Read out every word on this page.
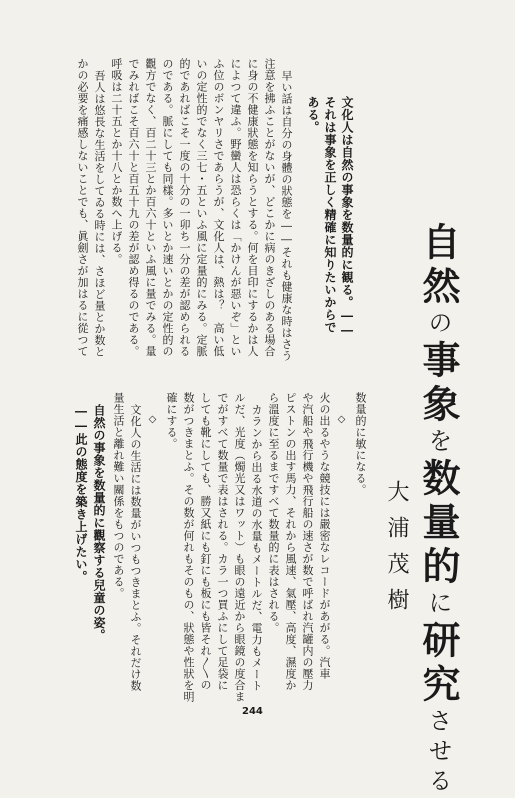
自然の事象を数量的に研究させる
大浦茂樹
文化人は自然の事象を数量的に観る。――
それは事象を正しく精確に知りたいからで
ある。
早い話は自分の身體の狀態を――それも健康な時はさう
注意を拂ふことがないが、どこかに病のきざしのある場合
に身の不健康狀態を知らうとする。何を目印にするかは人
によつて違ふ。野蠻人は恐らくは「かけんが惡いぞ」とい
ふ位のボンヤリさであらうが、文化人は、熱は？　高い低
いの定性的でなく三七・五といふ風に定量的にみる。定脈
的であればこそ一度の十分の一卯ち一分の差が認められる
のである。脈にしても同樣。多いとか速いとかの定性的の
觀方でなく、百二十三とか百六十といふ風に量でみる。量
でみればこそ百六十と百五十九の差が認め得るのである。
呼吸は二十五とか十八とか数へ上げる。
吾人は悠長な生活をしてゐる時には、さほど量とか数と
かの必要を痛感しないことでも、眞劍さが加はるに從つて
数量的に敏になる。
◇
火の出るやうな競技には嚴密なレコードがあがる。汽車
や汽船や飛行機や飛行船の速さが数で呼ばれ汽罐内の壓力
ピストンの出す馬力、それから風速、氣壓、高度、濕度か
ら溫度に至るまですべて数量的に表はされる。
カランから出る水道の水量もメートルだ、電力もメート
ルだ、光度（燭光又はワット）も眼の遠近から眼鏡の度合ま
でがすべて数量で表はされる。カラ一つ買ふにして足袋に
しても靴にしても、勝又紙にも釘にも板にも皆それ〳〵の
数がつきまとふ。その数が何れもそのもの、狀態や性狀を明
確にする。
◇
文化人の生活には数量がいつもつきまとふ。それだけ数
量生活と離れ難い關係をもつのである。
自然の事象を数量的に觀察する兒童の姿。
――此の態度を築き上げたい。
244
